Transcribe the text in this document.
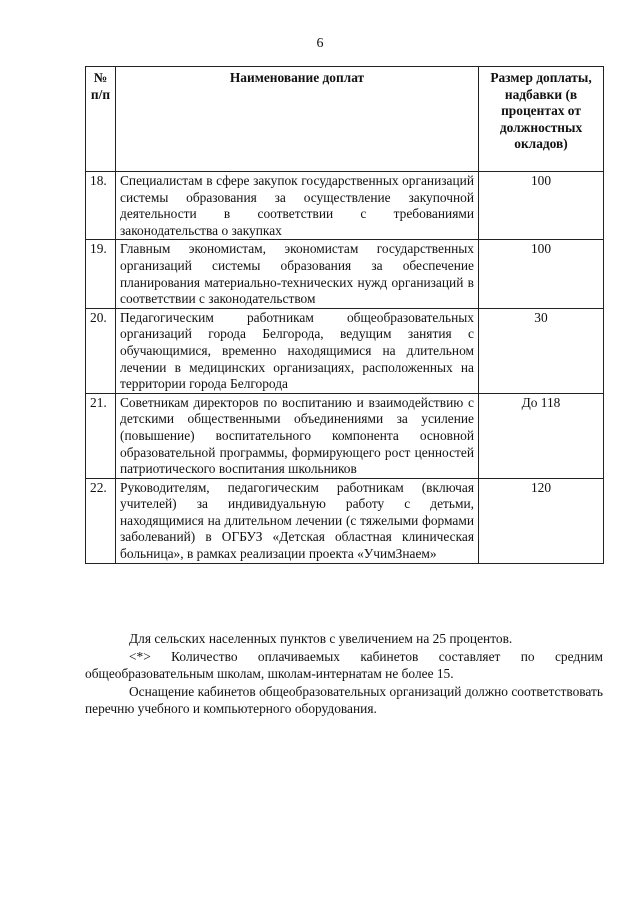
6
№ п/п	Наименование доплат	Размер доплаты, надбавки (в процентах от должностных окладов)
18.	Специалистам в сфере закупок государственных организаций системы образования за осуществление закупочной деятельности в соответствии с требованиями законодательства о закупках	100
19.	Главным экономистам, экономистам государственных организаций системы образования за обеспечение планирования материально-технических нужд организаций в соответствии с законодательством	100
20.	Педагогическим работникам общеобразовательных организаций города Белгорода, ведущим занятия с обучающимися, временно находящимися на длительном лечении в медицинских организациях, расположенных на территории города Белгорода	30
21.	Советникам директоров по воспитанию и взаимодействию с детскими общественными объединениями за усиление (повышение) воспитательного компонента основной образовательной программы, формирующего рост ценностей патриотического воспитания школьников	До 118
22.	Руководителям, педагогическим работникам (включая учителей) за индивидуальную работу с детьми, находящимися на длительном лечении (с тяжелыми формами заболеваний) в ОГБУЗ «Детская областная клиническая больница», в рамках реализации проекта «УчимЗнаем»	120

Для сельских населенных пунктов с увеличением на 25 процентов.

<*> Количество оплачиваемых кабинетов составляет по средним общеобразовательным школам, школам-интернатам не более 15.

Оснащение кабинетов общеобразовательных организаций должно соответствовать перечню учебного и компьютерного оборудования.
